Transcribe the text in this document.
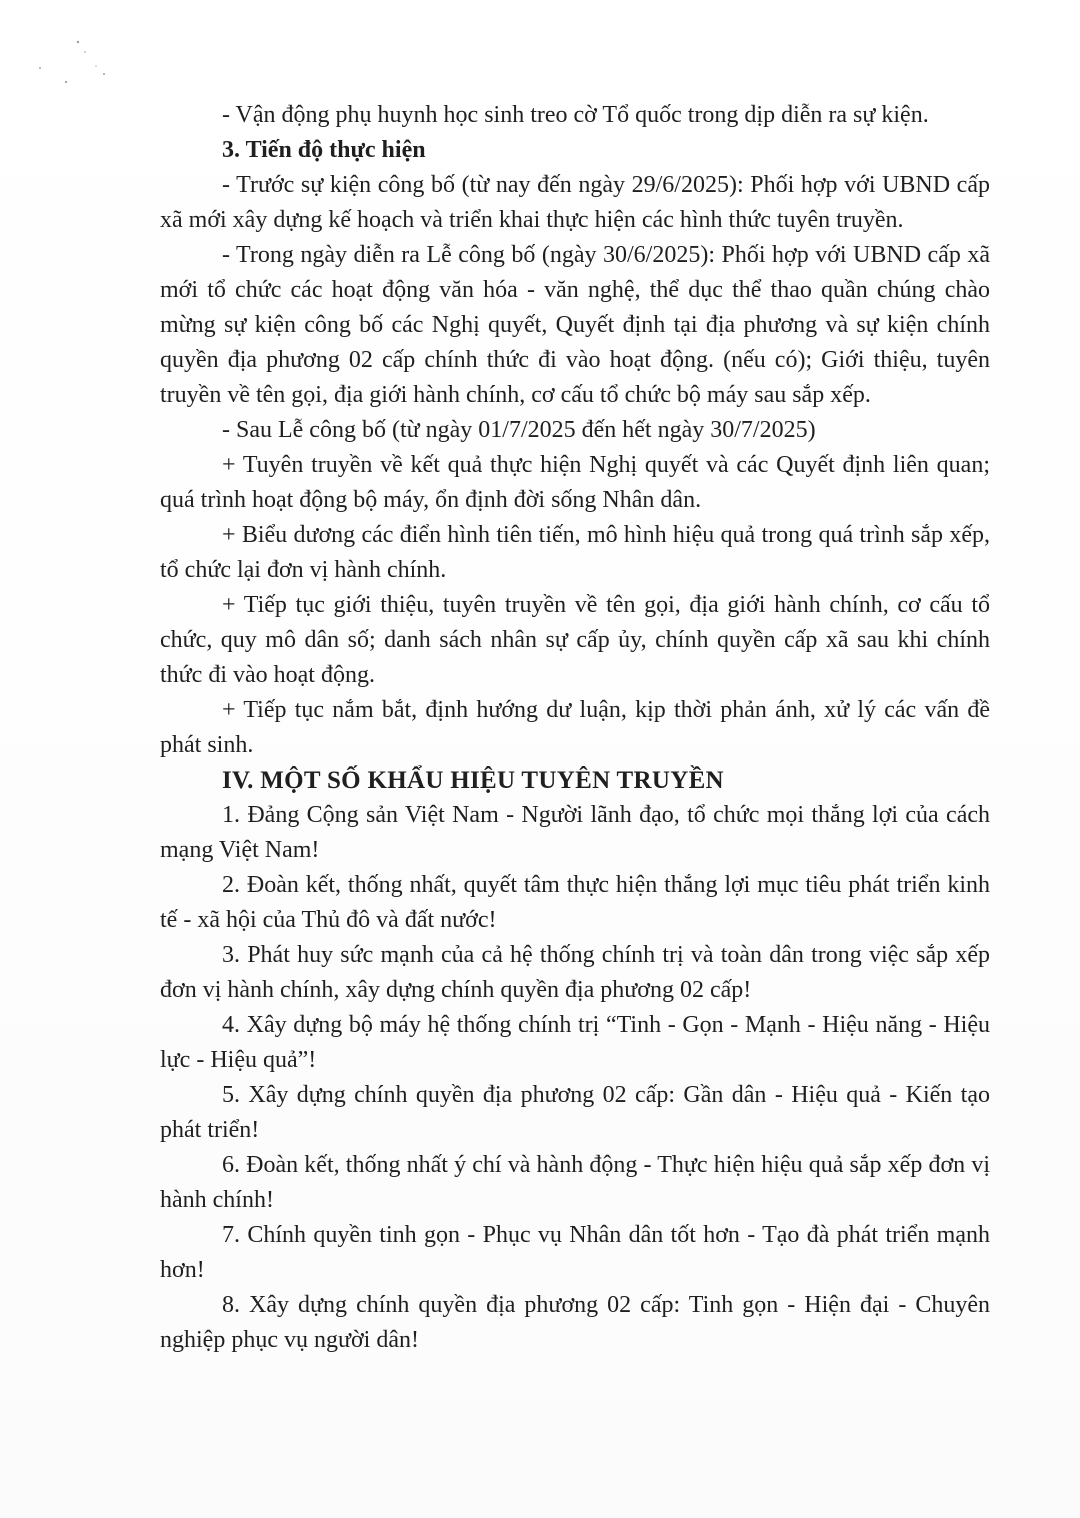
- Vận động phụ huynh học sinh treo cờ Tổ quốc trong dịp diễn ra sự kiện.

3. Tiến độ thực hiện

- Trước sự kiện công bố (từ nay đến ngày 29/6/2025): Phối hợp với UBND cấp xã mới xây dựng kế hoạch và triển khai thực hiện các hình thức tuyên truyền.

- Trong ngày diễn ra Lễ công bố (ngày 30/6/2025): Phối hợp với UBND cấp xã mới tổ chức các hoạt động văn hóa - văn nghệ, thể dục thể thao quần chúng chào mừng sự kiện công bố các Nghị quyết, Quyết định tại địa phương và sự kiện chính quyền địa phương 02 cấp chính thức đi vào hoạt động. (nếu có); Giới thiệu, tuyên truyền về tên gọi, địa giới hành chính, cơ cấu tổ chức bộ máy sau sắp xếp.

- Sau Lễ công bố (từ ngày 01/7/2025 đến hết ngày 30/7/2025)

+ Tuyên truyền về kết quả thực hiện Nghị quyết và các Quyết định liên quan; quá trình hoạt động bộ máy, ổn định đời sống Nhân dân.

+ Biểu dương các điển hình tiên tiến, mô hình hiệu quả trong quá trình sắp xếp, tổ chức lại đơn vị hành chính.

+ Tiếp tục giới thiệu, tuyên truyền về tên gọi, địa giới hành chính, cơ cấu tổ chức, quy mô dân số; danh sách nhân sự cấp ủy, chính quyền cấp xã sau khi chính thức đi vào hoạt động.

+ Tiếp tục nắm bắt, định hướng dư luận, kịp thời phản ánh, xử lý các vấn đề phát sinh.

IV. MỘT SỐ KHẨU HIỆU TUYÊN TRUYỀN

1. Đảng Cộng sản Việt Nam - Người lãnh đạo, tổ chức mọi thắng lợi của cách mạng Việt Nam!

2. Đoàn kết, thống nhất, quyết tâm thực hiện thắng lợi mục tiêu phát triển kinh tế - xã hội của Thủ đô và đất nước!

3. Phát huy sức mạnh của cả hệ thống chính trị và toàn dân trong việc sắp xếp đơn vị hành chính, xây dựng chính quyền địa phương 02 cấp!

4. Xây dựng bộ máy hệ thống chính trị “Tinh - Gọn - Mạnh - Hiệu năng - Hiệu lực - Hiệu quả”!

5. Xây dựng chính quyền địa phương 02 cấp: Gần dân - Hiệu quả - Kiến tạo phát triển!

6. Đoàn kết, thống nhất ý chí và hành động - Thực hiện hiệu quả sắp xếp đơn vị hành chính!

7. Chính quyền tinh gọn - Phục vụ Nhân dân tốt hơn - Tạo đà phát triển mạnh hơn!

8. Xây dựng chính quyền địa phương 02 cấp: Tinh gọn - Hiện đại - Chuyên nghiệp phục vụ người dân!
